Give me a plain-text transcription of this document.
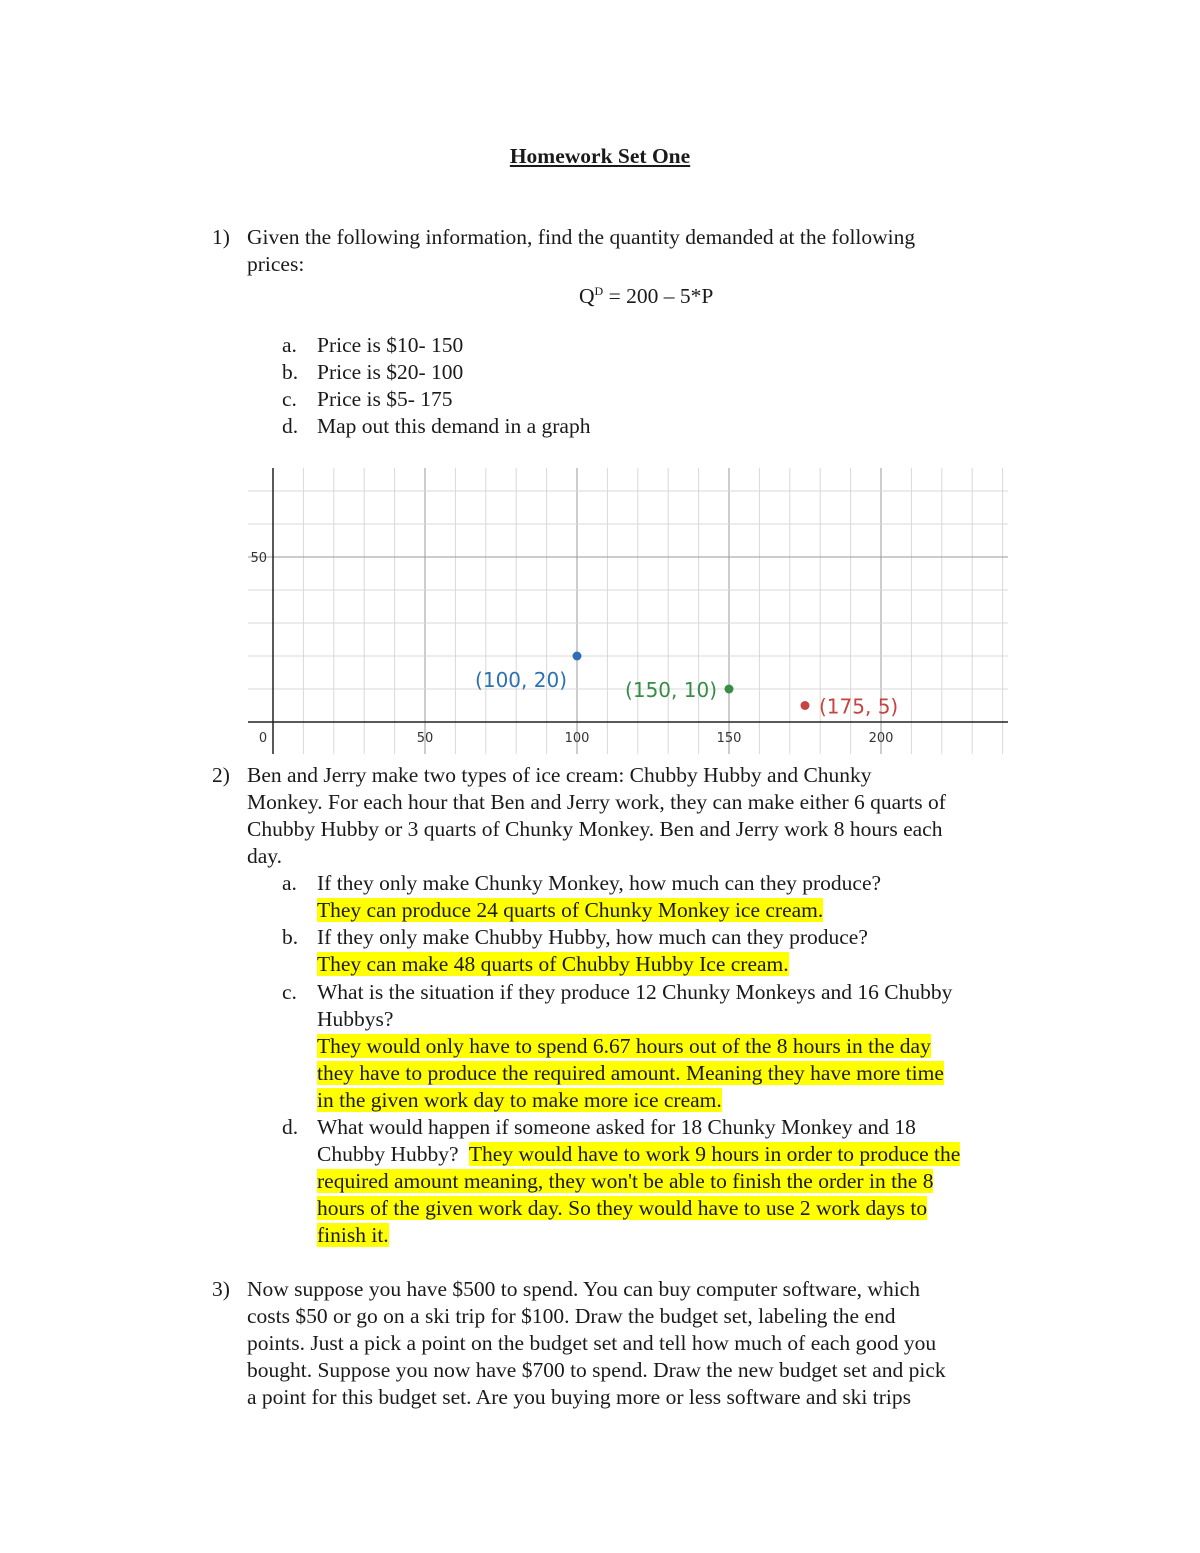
Homework Set One
1) Given the following information, find the quantity demanded at the following
prices:
$Q^D = 200 - 5*P$
a. Price is $10- 150
b. Price is $20- 100
c. Price is $5- 175
d. Map out this demand in a graph
0	50	100	150	200
50
(100, 20)	(150, 10)
(175, 5)
2) Ben and Jerry make two types of ice cream: Chubby Hubby and Chunky
Monkey. For each hour that Ben and Jerry work, they can make either 6 quarts of
Chubby Hubby or 3 quarts of Chunky Monkey. Ben and Jerry work 8 hours each
day.
a. If they only make Chunky Monkey, how much can they produce?
They can produce 24 quarts of Chunky Monkey ice cream.
b. If they only make Chubby Hubby, how much can they produce?
They can make 48 quarts of Chubby Hubby Ice cream.
c. What is the situation if they produce 12 Chunky Monkeys and 16 Chubby
Hubbys?
They would only have to spend 6.67 hours out of the 8 hours in the day
they have to produce the required amount. Meaning they have more time
in the given work day to make more ice cream.
d. What would happen if someone asked for 18 Chunky Monkey and 18
Chubby Hubby?  They would have to work 9 hours in order to produce the
required amount meaning, they won't be able to finish the order in the 8
hours of the given work day. So they would have to use 2 work days to
finish it.
3) Now suppose you have $500 to spend. You can buy computer software, which
costs $50 or go on a ski trip for $100. Draw the budget set, labeling the end
points. Just a pick a point on the budget set and tell how much of each good you
bought. Suppose you now have $700 to spend. Draw the new budget set and pick
a point for this budget set. Are you buying more or less software and ski trips
